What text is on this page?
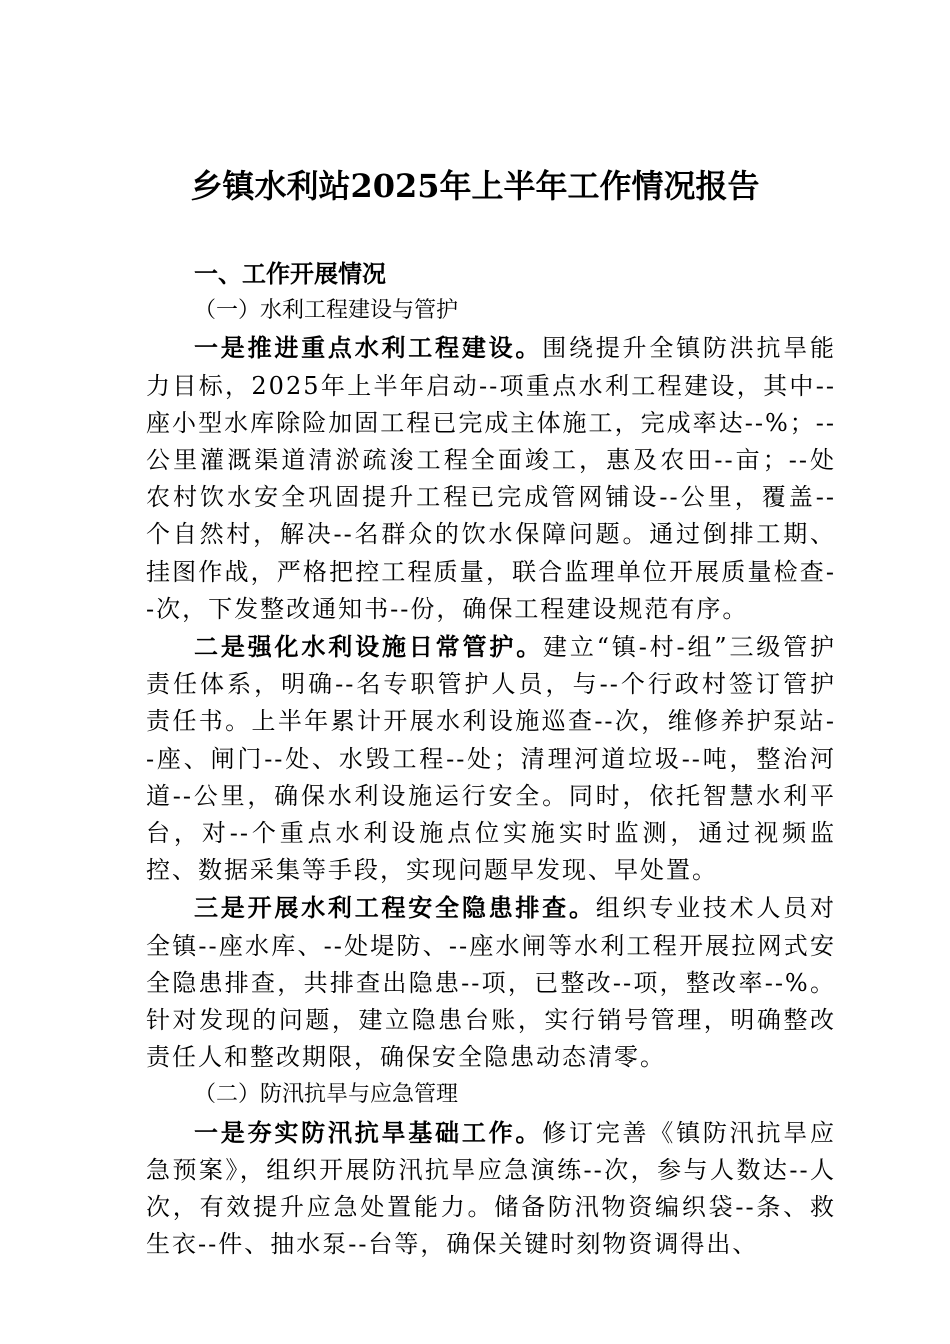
乡镇水利站2025年上半年工作情况报告

一、工作开展情况

（一）水利工程建设与管护

一是推进重点水利工程建设。围绕提升全镇防洪抗旱能力目标，2025年上半年启动--项重点水利工程建设，其中--座小型水库除险加固工程已完成主体施工，完成率达--%；--公里灌溉渠道清淤疏浚工程全面竣工，惠及农田--亩；--处农村饮水安全巩固提升工程已完成管网铺设--公里，覆盖--个自然村，解决--名群众的饮水保障问题。通过倒排工期、挂图作战，严格把控工程质量，联合监理单位开展质量检查--次，下发整改通知书--份，确保工程建设规范有序。

二是强化水利设施日常管护。建立“镇-村-组”三级管护责任体系，明确--名专职管护人员，与--个行政村签订管护责任书。上半年累计开展水利设施巡查--次，维修养护泵站--座、闸门--处、水毁工程--处；清理河道垃圾--吨，整治河道--公里，确保水利设施运行安全。同时，依托智慧水利平台，对--个重点水利设施点位实施实时监测，通过视频监控、数据采集等手段，实现问题早发现、早处置。

三是开展水利工程安全隐患排查。组织专业技术人员对全镇--座水库、--处堤防、--座水闸等水利工程开展拉网式安全隐患排查，共排查出隐患--项，已整改--项，整改率--%。针对发现的问题，建立隐患台账，实行销号管理，明确整改责任人和整改期限，确保安全隐患动态清零。

（二）防汛抗旱与应急管理

一是夯实防汛抗旱基础工作。修订完善《镇防汛抗旱应急预案》，组织开展防汛抗旱应急演练--次，参与人数达--人次，有效提升应急处置能力。储备防汛物资编织袋--条、救生衣--件、抽水泵--台等，确保关键时刻物资调得出、
